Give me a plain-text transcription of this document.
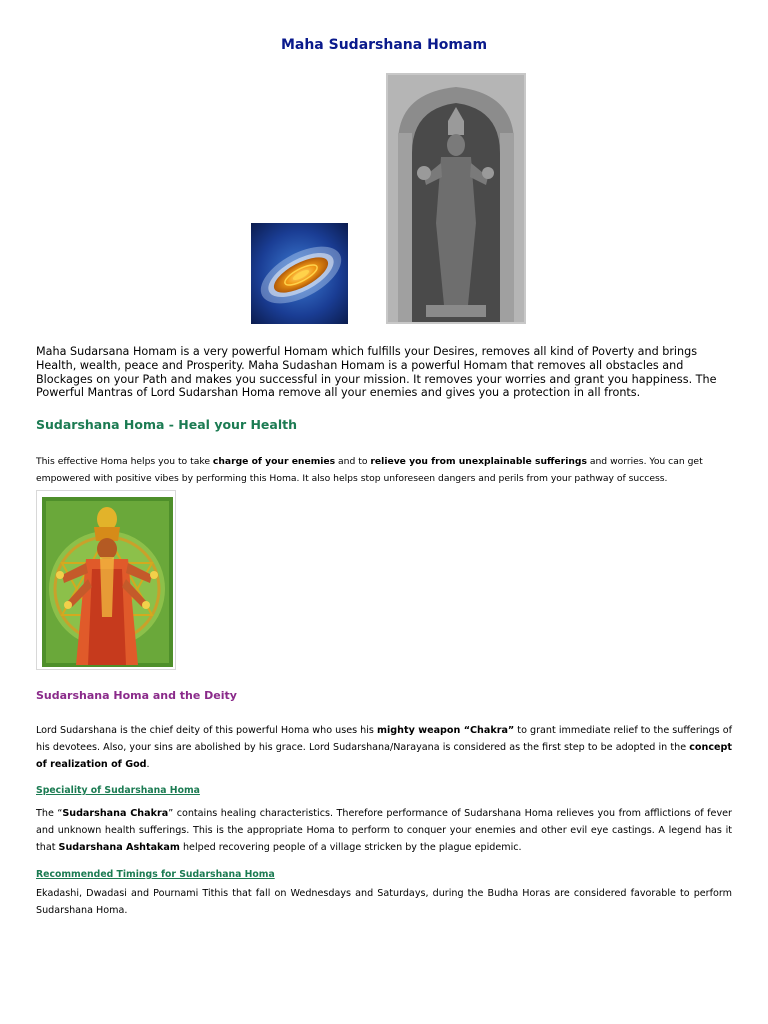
Maha Sudarshana Homam
Maha Sudarsana Homam is a very powerful Homam which fulfills your Desires, removes all kind of Poverty and brings Health, wealth, peace and Prosperity. Maha Sudashan Homam is a powerful Homam that removes all obstacles and Blockages on your Path and makes you successful in your mission. It removes your worries and grant you happiness. The Powerful Mantras of Lord Sudarshan Homa remove all your enemies and gives you a protection in all fronts.
Sudarshana Homa - Heal your Health
This effective Homa helps you to take charge of your enemies and to relieve you from unexplainable sufferings and worries. You can get empowered with positive vibes by performing this Homa. It also helps stop unforeseen dangers and perils from your pathway of success.
Sudarshana Homa and the Deity
Lord Sudarshana is the chief deity of this powerful Homa who uses his mighty weapon “Chakra” to grant immediate relief to the sufferings of his devotees. Also, your sins are abolished by his grace. Lord Sudarshana/Narayana is considered as the first step to be adopted in the concept of realization of God.
Speciality of Sudarshana Homa
The “Sudarshana Chakra” contains healing characteristics. Therefore performance of Sudarshana Homa relieves you from afflictions of fever and unknown health sufferings. This is the appropriate Homa to perform to conquer your enemies and other evil eye castings. A legend has it that Sudarshana Ashtakam helped recovering people of a village stricken by the plague epidemic.
Recommended Timings for Sudarshana Homa
Ekadashi, Dwadasi and Pournami Tithis that fall on Wednesdays and Saturdays, during the Budha Horas are considered favorable to perform Sudarshana Homa.
